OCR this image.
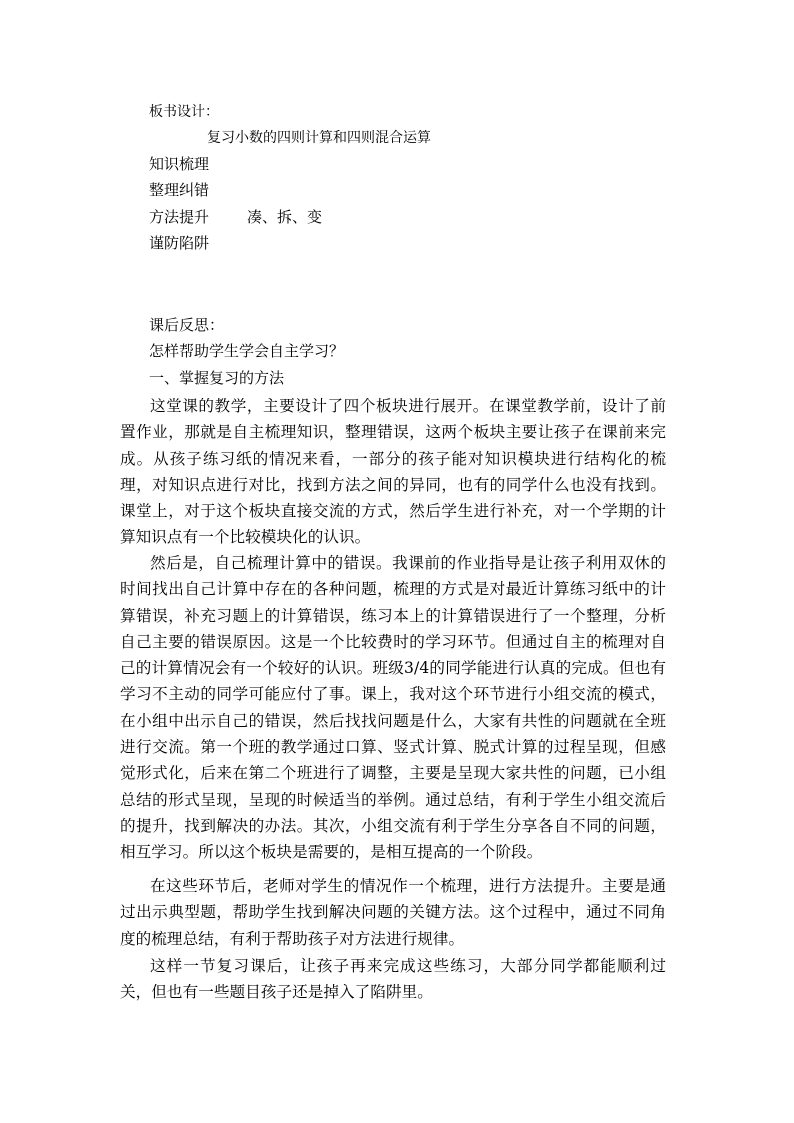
板书设计：
复习小数的四则计算和四则混合运算
知识梳理
整理纠错
方法提升	凑、拆、变
谨防陷阱
课后反思：
怎样帮助学生学会自主学习？
一、掌握复习的方法
这堂课的教学，主要设计了四个板块进行展开。在课堂教学前，设计了前置作业，那就是自主梳理知识，整理错误，这两个板块主要让孩子在课前来完成。从孩子练习纸的情况来看，一部分的孩子能对知识模块进行结构化的梳理，对知识点进行对比，找到方法之间的异同，也有的同学什么也没有找到。课堂上，对于这个板块直接交流的方式，然后学生进行补充，对一个学期的计算知识点有一个比较模块化的认识。
然后是，自己梳理计算中的错误。我课前的作业指导是让孩子利用双休的时间找出自己计算中存在的各种问题，梳理的方式是对最近计算练习纸中的计算错误，补充习题上的计算错误，练习本上的计算错误进行了一个整理，分析自己主要的错误原因。这是一个比较费时的学习环节。但通过自主的梳理对自己的计算情况会有一个较好的认识。班级3/4的同学能进行认真的完成。但也有学习不主动的同学可能应付了事。课上，我对这个环节进行小组交流的模式，在小组中出示自己的错误，然后找找问题是什么，大家有共性的问题就在全班进行交流。第一个班的教学通过口算、竖式计算、脱式计算的过程呈现，但感觉形式化，后来在第二个班进行了调整，主要是呈现大家共性的问题，已小组总结的形式呈现，呈现的时候适当的举例。通过总结，有利于学生小组交流后的提升，找到解决的办法。其次，小组交流有利于学生分享各自不同的问题，相互学习。所以这个板块是需要的，是相互提高的一个阶段。
在这些环节后，老师对学生的情况作一个梳理，进行方法提升。主要是通过出示典型题，帮助学生找到解决问题的关键方法。这个过程中，通过不同角度的梳理总结，有利于帮助孩子对方法进行规律。
这样一节复习课后，让孩子再来完成这些练习，大部分同学都能顺利过关，但也有一些题目孩子还是掉入了陷阱里。
